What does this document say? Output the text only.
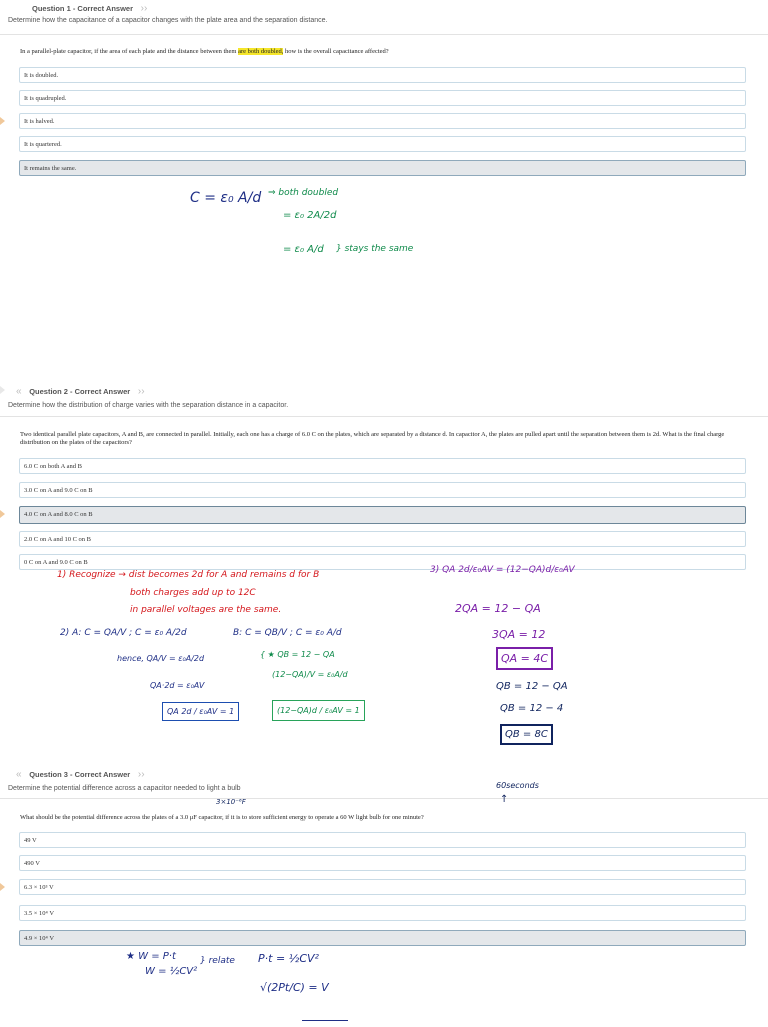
Question 1 - Correct Answer   ››
Determine how the capacitance of a capacitor changes with the plate area and the separation distance.
In a parallel-plate capacitor, if the area of each plate and the distance between them are both doubled, how is the overall capacitance affected?
It is doubled.
It is quadrupled.
It is halved.
It is quartered.
It remains the same.
C = ε₀ A/d ⇒ both doubled
= ε₀ 2A/2d
= ε₀ A/d } stays the same
«   Question 2 - Correct Answer   ››
Determine how the distribution of charge varies with the separation distance in a capacitor.
Two identical parallel plate capacitors, A and B, are connected in parallel. Initially, each one has a charge of 6.0 C on the plates, which are separated by a distance d. In capacitor A, the plates are pulled apart until the separation between them is 2d. What is the final charge distribution on the plates of the capacitors?
6.0 C on both A and B
3.0 C on A and 9.0 C on B
4.0 C on A and 8.0 C on B
2.0 C on A and 10 C on B
0 C on A and 9.0 C on B
1) Recognize → dist becomes 2d for A and remains d for B
both charges add up to 12C
in parallel voltages are the same.
2) A: C = QA/V ; C = ε₀ A/2d
hence, QA/V = ε₀A/2d
QA·2d = ε₀AV
QA 2d / ε₀AV = 1
B: C = QB/V ; C = ε₀ A/d
{ ★ QB = 12 − QA
(12−QA)/V = ε₀A/d
(12−QA)d / ε₀AV = 1
3) QA 2d/ε₀AV = (12−QA)d/ε₀AV
2QA = 12 − QA
3QA = 12
QA = 4C
QB = 12 − QA
QB = 12 − 4
QB = 8C
«   Question 3 - Correct Answer   ››
Determine the potential difference across a capacitor needed to light a bulb	60seconds
↑
3×10⁻⁶F
What should be the potential difference across the plates of a 3.0 μF capacitor, if it is to store sufficient energy to operate a 60 W light bulb for one minute?
49 V
490 V
6.3 × 10³ V
3.5 × 10⁴ V
4.9 × 10⁴ V
★ W = P·t
W = ½CV²
} relate P·t = ½CV²
√(2Pt/C) = V
